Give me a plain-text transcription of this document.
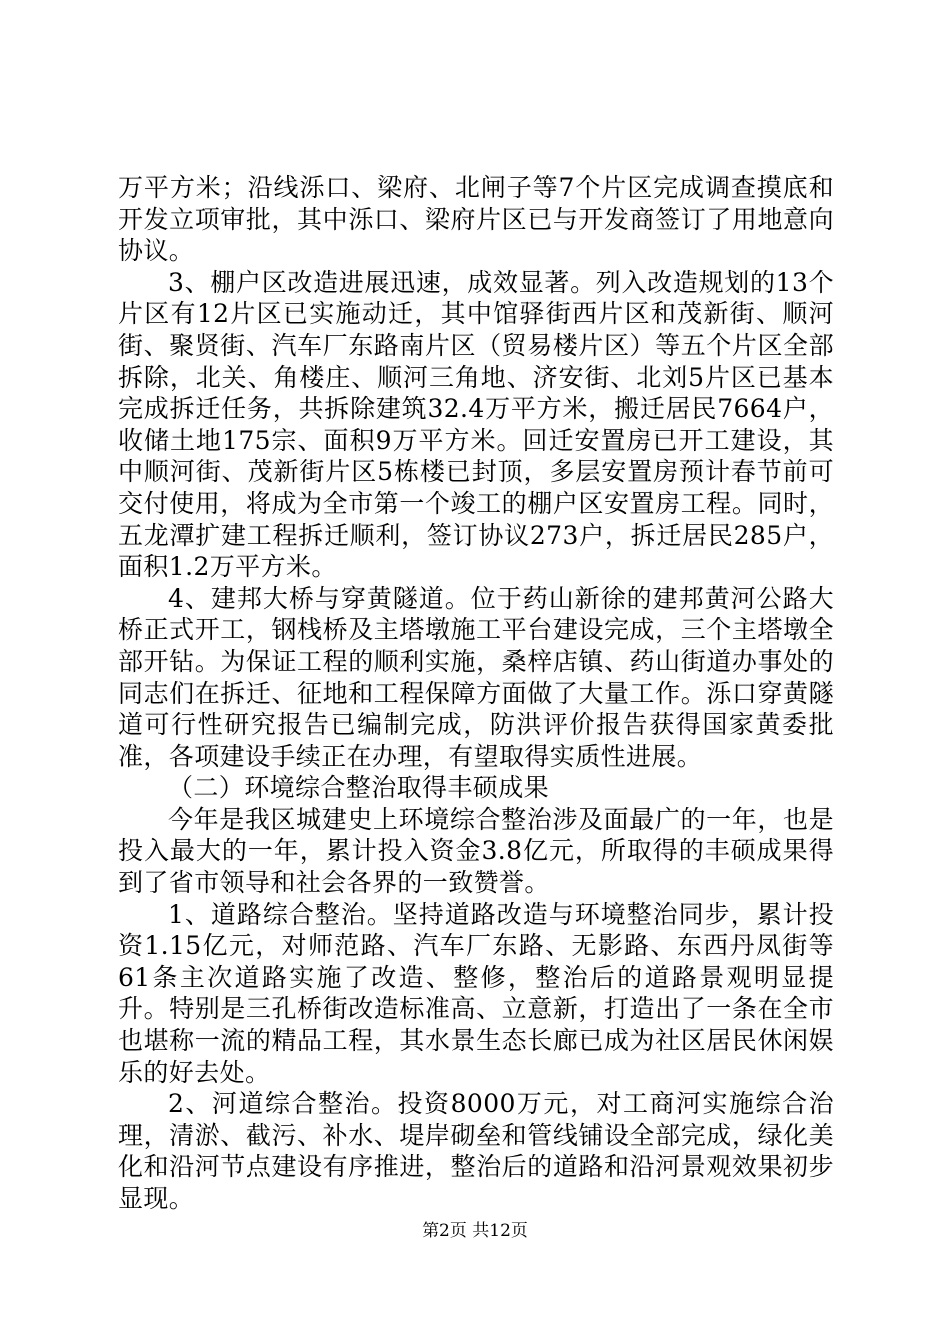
万平方米；沿线泺口、梁府、北闸子等7个片区完成调查摸底和开发立项审批，其中泺口、梁府片区已与开发商签订了用地意向协议。

3、棚户区改造进展迅速，成效显著。列入改造规划的13个片区有12片区已实施动迁，其中馆驿街西片区和茂新街、顺河街、聚贤街、汽车厂东路南片区（贸易楼片区）等五个片区全部拆除，北关、角楼庄、顺河三角地、济安街、北刘5片区已基本完成拆迁任务，共拆除建筑32.4万平方米，搬迁居民7664户，收储土地175宗、面积9万平方米。回迁安置房已开工建设，其中顺河街、茂新街片区5栋楼已封顶，多层安置房预计春节前可交付使用，将成为全市第一个竣工的棚户区安置房工程。同时，五龙潭扩建工程拆迁顺利，签订协议273户，拆迁居民285户，面积1.2万平方米。

4、建邦大桥与穿黄隧道。位于药山新徐的建邦黄河公路大桥正式开工，钢栈桥及主塔墩施工平台建设完成，三个主塔墩全部开钻。为保证工程的顺利实施，桑梓店镇、药山街道办事处的同志们在拆迁、征地和工程保障方面做了大量工作。泺口穿黄隧道可行性研究报告已编制完成，防洪评价报告获得国家黄委批准，各项建设手续正在办理，有望取得实质性进展。

（二）环境综合整治取得丰硕成果

今年是我区城建史上环境综合整治涉及面最广的一年，也是投入最大的一年，累计投入资金3.8亿元，所取得的丰硕成果得到了省市领导和社会各界的一致赞誉。

1、道路综合整治。坚持道路改造与环境整治同步，累计投资1.15亿元，对师范路、汽车厂东路、无影路、东西丹凤街等61条主次道路实施了改造、整修，整治后的道路景观明显提升。特别是三孔桥街改造标准高、立意新，打造出了一条在全市也堪称一流的精品工程，其水景生态长廊已成为社区居民休闲娱乐的好去处。

2、河道综合整治。投资8000万元，对工商河实施综合治理，清淤、截污、补水、堤岸砌垒和管线铺设全部完成，绿化美化和沿河节点建设有序推进，整治后的道路和沿河景观效果初步显现。

第2页 共12页
